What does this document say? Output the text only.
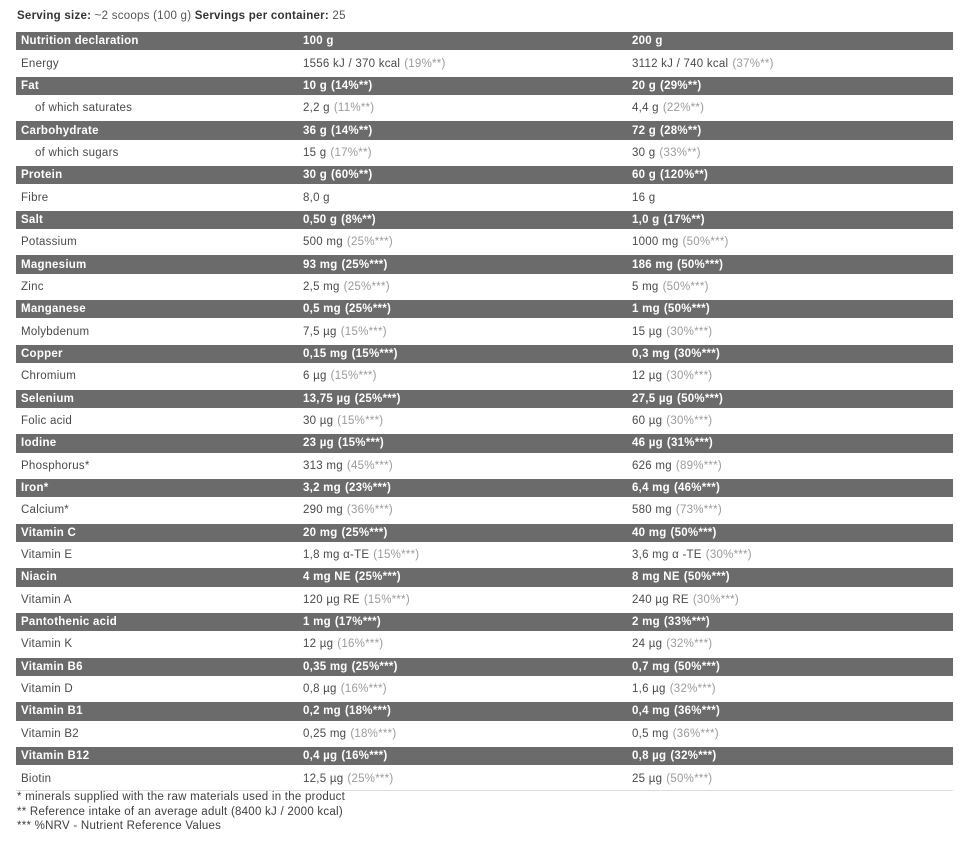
Serving size: ~2 scoops (100 g) Servings per container: 25
Nutrition declaration	100 g	200 g
Energy	1556 kJ / 370 kcal (19%**)	3112 kJ / 740 kcal (37%**)
Fat	10 g (14%**)	20 g (29%**)
of which saturates	2,2 g (11%**)	4,4 g (22%**)
Carbohydrate	36 g (14%**)	72 g (28%**)
of which sugars	15 g (17%**)	30 g (33%**)
Protein	30 g (60%**)	60 g (120%**)
Fibre	8,0 g	16 g
Salt	0,50 g (8%**)	1,0 g (17%**)
Potassium	500 mg (25%***)	1000 mg (50%***)
Magnesium	93 mg (25%***)	186 mg (50%***)
Zinc	2,5 mg (25%***)	5 mg (50%***)
Manganese	0,5 mg (25%***)	1 mg (50%***)
Molybdenum	7,5 µg (15%***)	15 µg (30%***)
Copper	0,15 mg (15%***)	0,3 mg (30%***)
Chromium	6 µg (15%***)	12 µg (30%***)
Selenium	13,75 µg (25%***)	27,5 µg (50%***)
Folic acid	30 µg (15%***)	60 µg (30%***)
Iodine	23 µg (15%***)	46 µg (31%***)
Phosphorus*	313 mg (45%***)	626 mg (89%***)
Iron*	3,2 mg (23%***)	6,4 mg (46%***)
Calcium*	290 mg (36%***)	580 mg (73%***)
Vitamin C	20 mg (25%***)	40 mg (50%***)
Vitamin E	1,8 mg α-TE (15%***)	3,6 mg α -TE (30%***)
Niacin	4 mg NE (25%***)	8 mg NE (50%***)
Vitamin A	120 µg RE (15%***)	240 µg RE (30%***)
Pantothenic acid	1 mg (17%***)	2 mg (33%***)
Vitamin K	12 µg (16%***)	24 µg (32%***)
Vitamin B6	0,35 mg (25%***)	0,7 mg (50%***)
Vitamin D	0,8 µg (16%***)	1,6 µg (32%***)
Vitamin B1	0,2 mg (18%***)	0,4 mg (36%***)
Vitamin B2	0,25 mg (18%***)	0,5 mg (36%***)
Vitamin B12	0,4 µg (16%***)	0,8 µg (32%***)
Biotin	12,5 µg (25%***)	25 µg (50%***)
* minerals supplied with the raw materials used in the product
** Reference intake of an average adult (8400 kJ / 2000 kcal)
*** %NRV - Nutrient Reference Values
